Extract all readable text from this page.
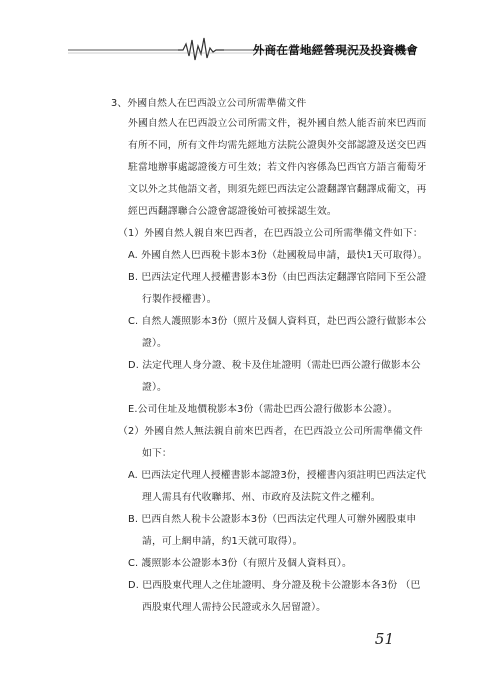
外商在當地經營現況及投資機會
3、外國自然人在巴西設立公司所需準備文件
外國自然人在巴西設立公司所需文件，視外國自然人能否前來巴西而
有所不同，所有文件均需先經地方法院公證與外交部認證及送交巴西
駐當地辦事處認證後方可生效；若文件內容係為巴西官方語言葡萄牙
文以外之其他語文者，則須先經巴西法定公證翻譯官翻譯成葡文，再
經巴西翻譯聯合公證會認證後始可被採認生效。
（1）外國自然人親自來巴西者，在巴西設立公司所需準備文件如下：
A. 外國自然人巴西稅卡影本3份（赴國稅局申請，最快1天可取得）。
B. 巴西法定代理人授權書影本3份（由巴西法定翻譯官陪同下至公證
行製作授權書）。
C. 自然人護照影本3份（照片及個人資料頁，赴巴西公證行做影本公
證）。
D. 法定代理人身分證、稅卡及住址證明（需赴巴西公證行做影本公
證）。
E.公司住址及地價稅影本3份（需赴巴西公證行做影本公證）。
（2）外國自然人無法親自前來巴西者，在巴西設立公司所需準備文件
如下：
A. 巴西法定代理人授權書影本認證3份，授權書內須註明巴西法定代
理人需具有代收聯邦、州、市政府及法院文件之權利。
B. 巴西自然人稅卡公證影本3份（巴西法定代理人可辦外國股東申
請，可上網申請，約1天就可取得）。
C. 護照影本公證影本3份（有照片及個人資料頁）。
D. 巴西股東代理人之住址證明、身分證及稅卡公證影本各3份 （巴
西股東代理人需持公民證或永久居留證）。
51
